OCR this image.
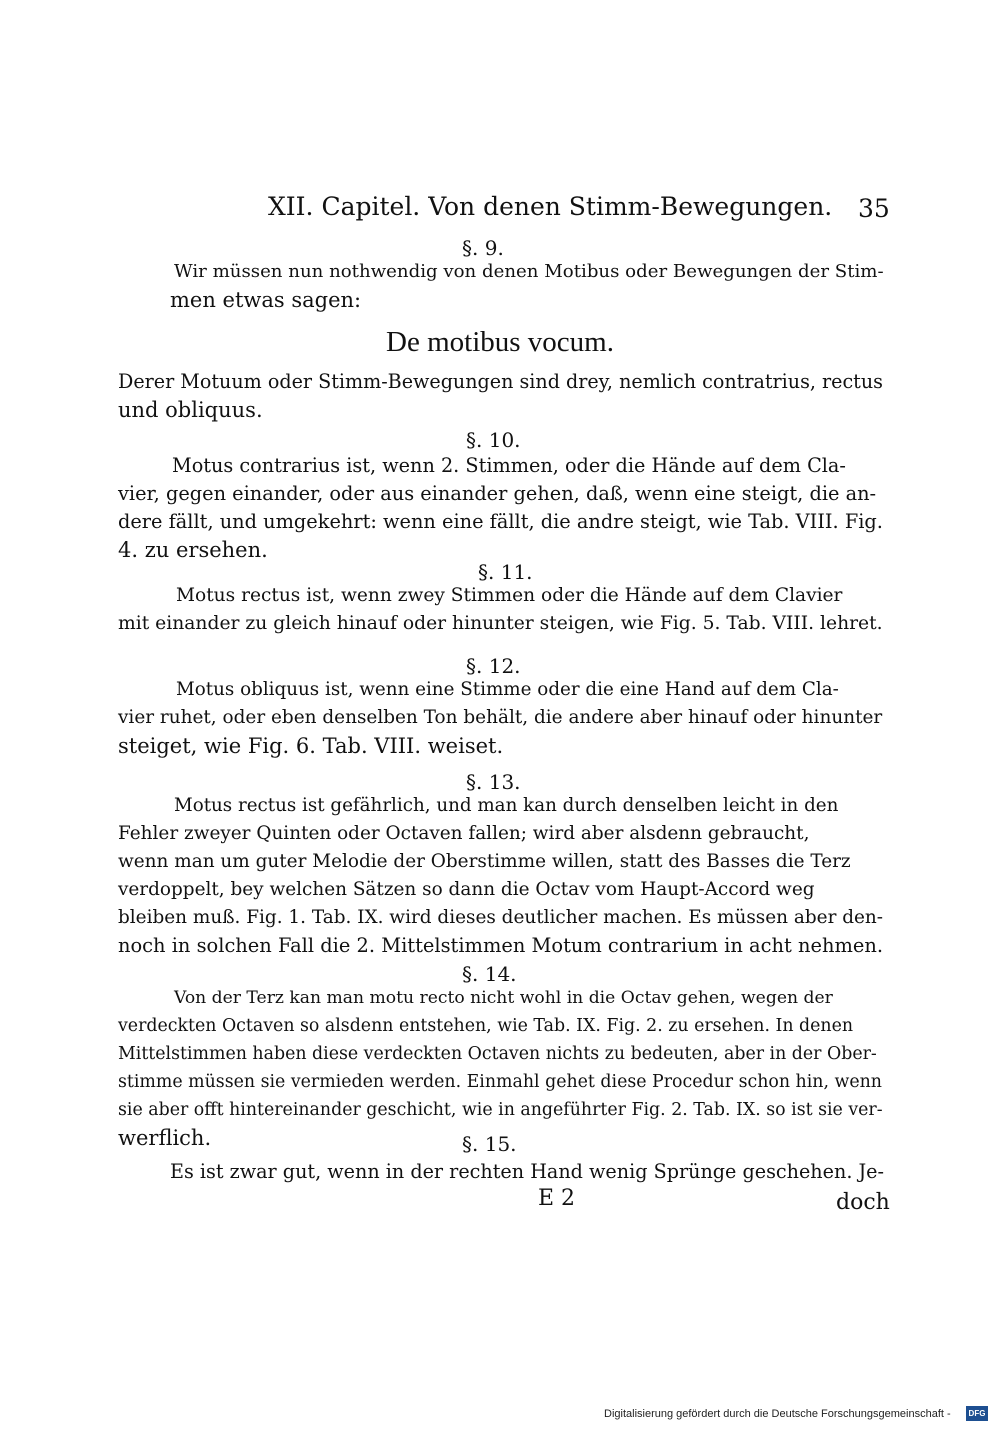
XII. Capitel. Von denen Stimm-Bewegungen. 35
§. 9.
Wir müssen nun nothwendig von denen Motibus oder Bewegungen der Stim-
men etwas sagen:
De motibus vocum.
Derer Motuum oder Stimm-Bewegungen sind drey, nemlich contratrius, rectus
und obliquus.
§. 10.
Motus contrarius ist, wenn 2. Stimmen, oder die Hände auf dem Cla-
vier, gegen einander, oder aus einander gehen, daß, wenn eine steigt, die an-
dere fällt, und umgekehrt: wenn eine fällt, die andre steigt, wie Tab. VIII. Fig.
4. zu ersehen.
§. 11.
Motus rectus ist, wenn zwey Stimmen oder die Hände auf dem Clavier
mit einander zu gleich hinauf oder hinunter steigen, wie Fig. 5. Tab. VIII. lehret.
§. 12.
Motus obliquus ist, wenn eine Stimme oder die eine Hand auf dem Cla-
vier ruhet, oder eben denselben Ton behält, die andere aber hinauf oder hinunter
steiget, wie Fig. 6. Tab. VIII. weiset.
§. 13.
Motus rectus ist gefährlich, und man kan durch denselben leicht in den
Fehler zweyer Quinten oder Octaven fallen; wird aber alsdenn gebraucht,
wenn man um guter Melodie der Oberstimme willen, statt des Basses die Terz
verdoppelt, bey welchen Sätzen so dann die Octav vom Haupt-Accord weg
bleiben muß. Fig. 1. Tab. IX. wird dieses deutlicher machen. Es müssen aber den-
noch in solchen Fall die 2. Mittelstimmen Motum contrarium in acht nehmen.
§. 14.
Von der Terz kan man motu recto nicht wohl in die Octav gehen, wegen der
verdeckten Octaven so alsdenn entstehen, wie Tab. IX. Fig. 2. zu ersehen. In denen
Mittelstimmen haben diese verdeckten Octaven nichts zu bedeuten, aber in der Ober-
stimme müssen sie vermieden werden. Einmahl gehet diese Procedur schon hin, wenn
sie aber offt hintereinander geschicht, wie in angeführter Fig. 2. Tab. IX. so ist sie ver-
werflich.	§. 15.
Es ist zwar gut, wenn in der rechten Hand wenig Sprünge geschehen. Je-
E 2	doch
Digitalisierung gefördert durch die Deutsche Forschungsgemeinschaft -	DFG
